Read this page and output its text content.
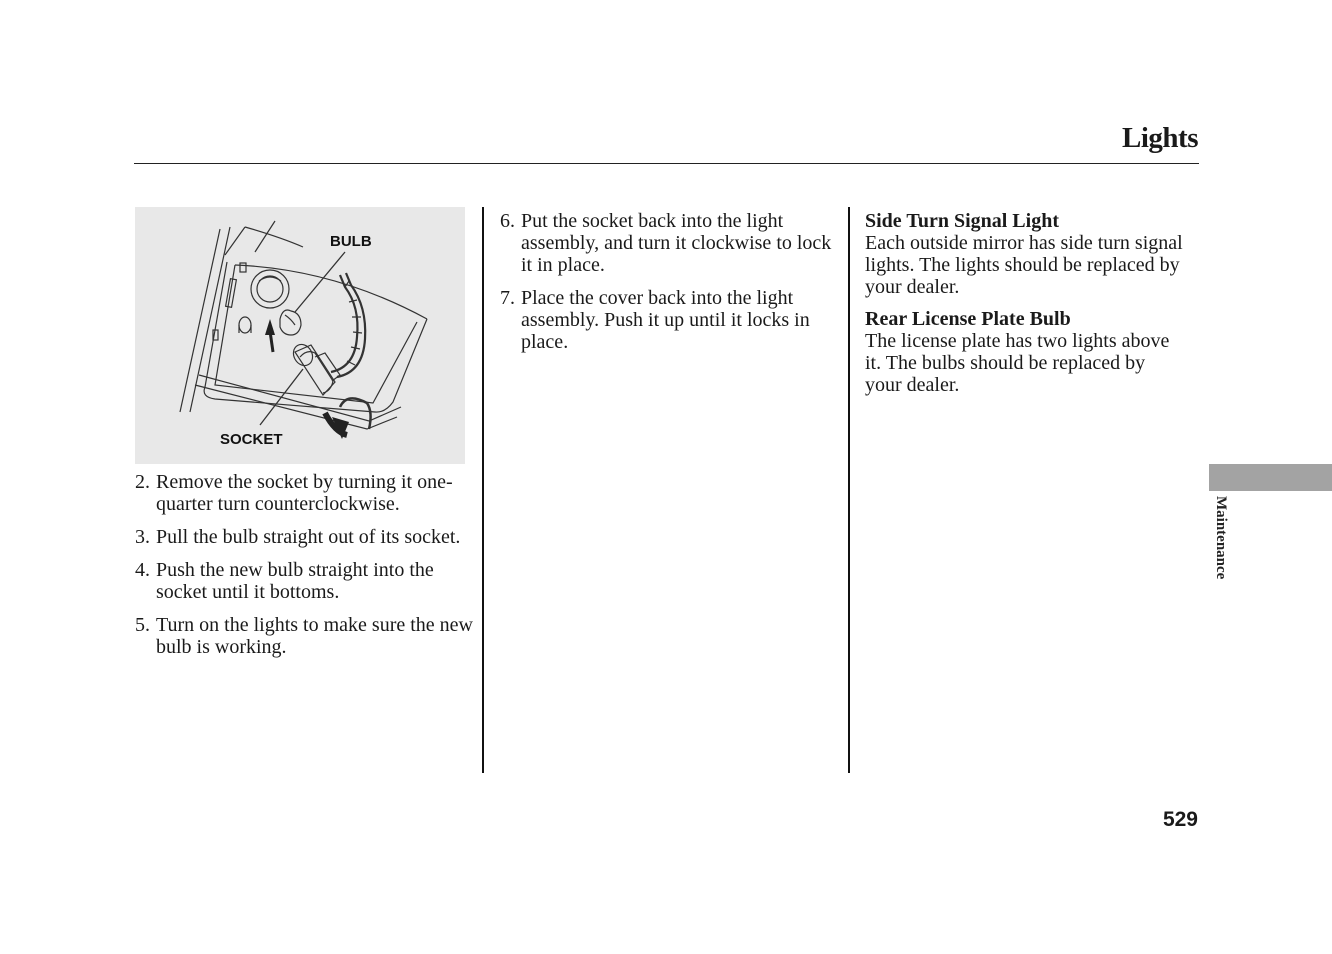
Lights
BULB
SOCKET
2. Remove the socket by turning it one-quarter turn counterclockwise.
3. Pull the bulb straight out of its socket.
4. Push the new bulb straight into the socket until it bottoms.
5. Turn on the lights to make sure the new bulb is working.
6. Put the socket back into the light assembly, and turn it clockwise to lock it in place.
7. Place the cover back into the light assembly. Push it up until it locks in place.
Side Turn Signal Light
Each outside mirror has side turn signal lights. The lights should be replaced by your dealer.
Rear License Plate Bulb
The license plate has two lights above it. The bulbs should be replaced by your dealer.
529
Maintenance
